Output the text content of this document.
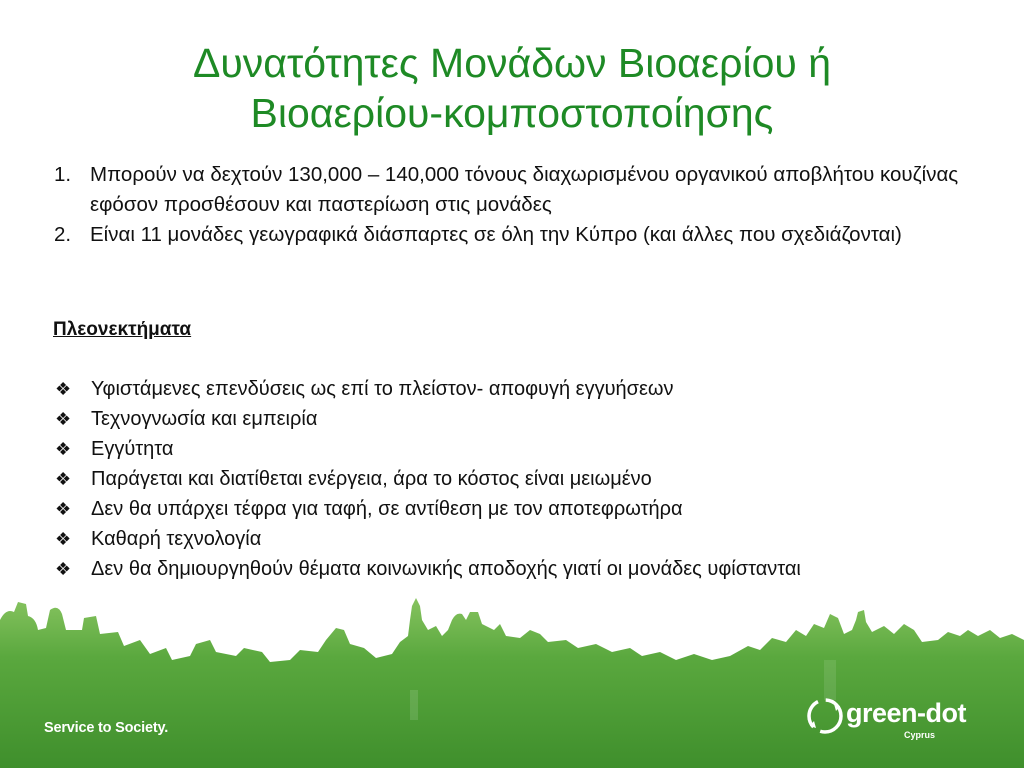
Δυνατότητες Μονάδων Βιοαερίου ή
Βιοαερίου-κομποστοποίησης
1. Μπορούν να δεχτούν 130,000 – 140,000 τόνους διαχωρισμένου οργανικού αποβλήτου κουζίνας εφόσον προσθέσουν και παστερίωση στις μονάδες
2. Είναι 11 μονάδες γεωγραφικά διάσπαρτες σε όλη την Κύπρο (και άλλες που σχεδιάζονται)

Πλεονεκτήματα

❖ Υφιστάμενες επενδύσεις ως επί το πλείστον- αποφυγή εγγυήσεων
❖ Τεχνογνωσία και εμπειρία
❖ Εγγύτητα
❖ Παράγεται και διατίθεται ενέργεια, άρα το κόστος είναι μειωμένο
❖ Δεν θα υπάρχει τέφρα για ταφή, σε αντίθεση με τον αποτεφρωτήρα
❖ Καθαρή τεχνολογία
❖ Δεν θα δημιουργηθούν θέματα κοινωνικής αποδοχής γιατί οι μονάδες υφίστανται
Service to Society.	green-dot
Cyprus
